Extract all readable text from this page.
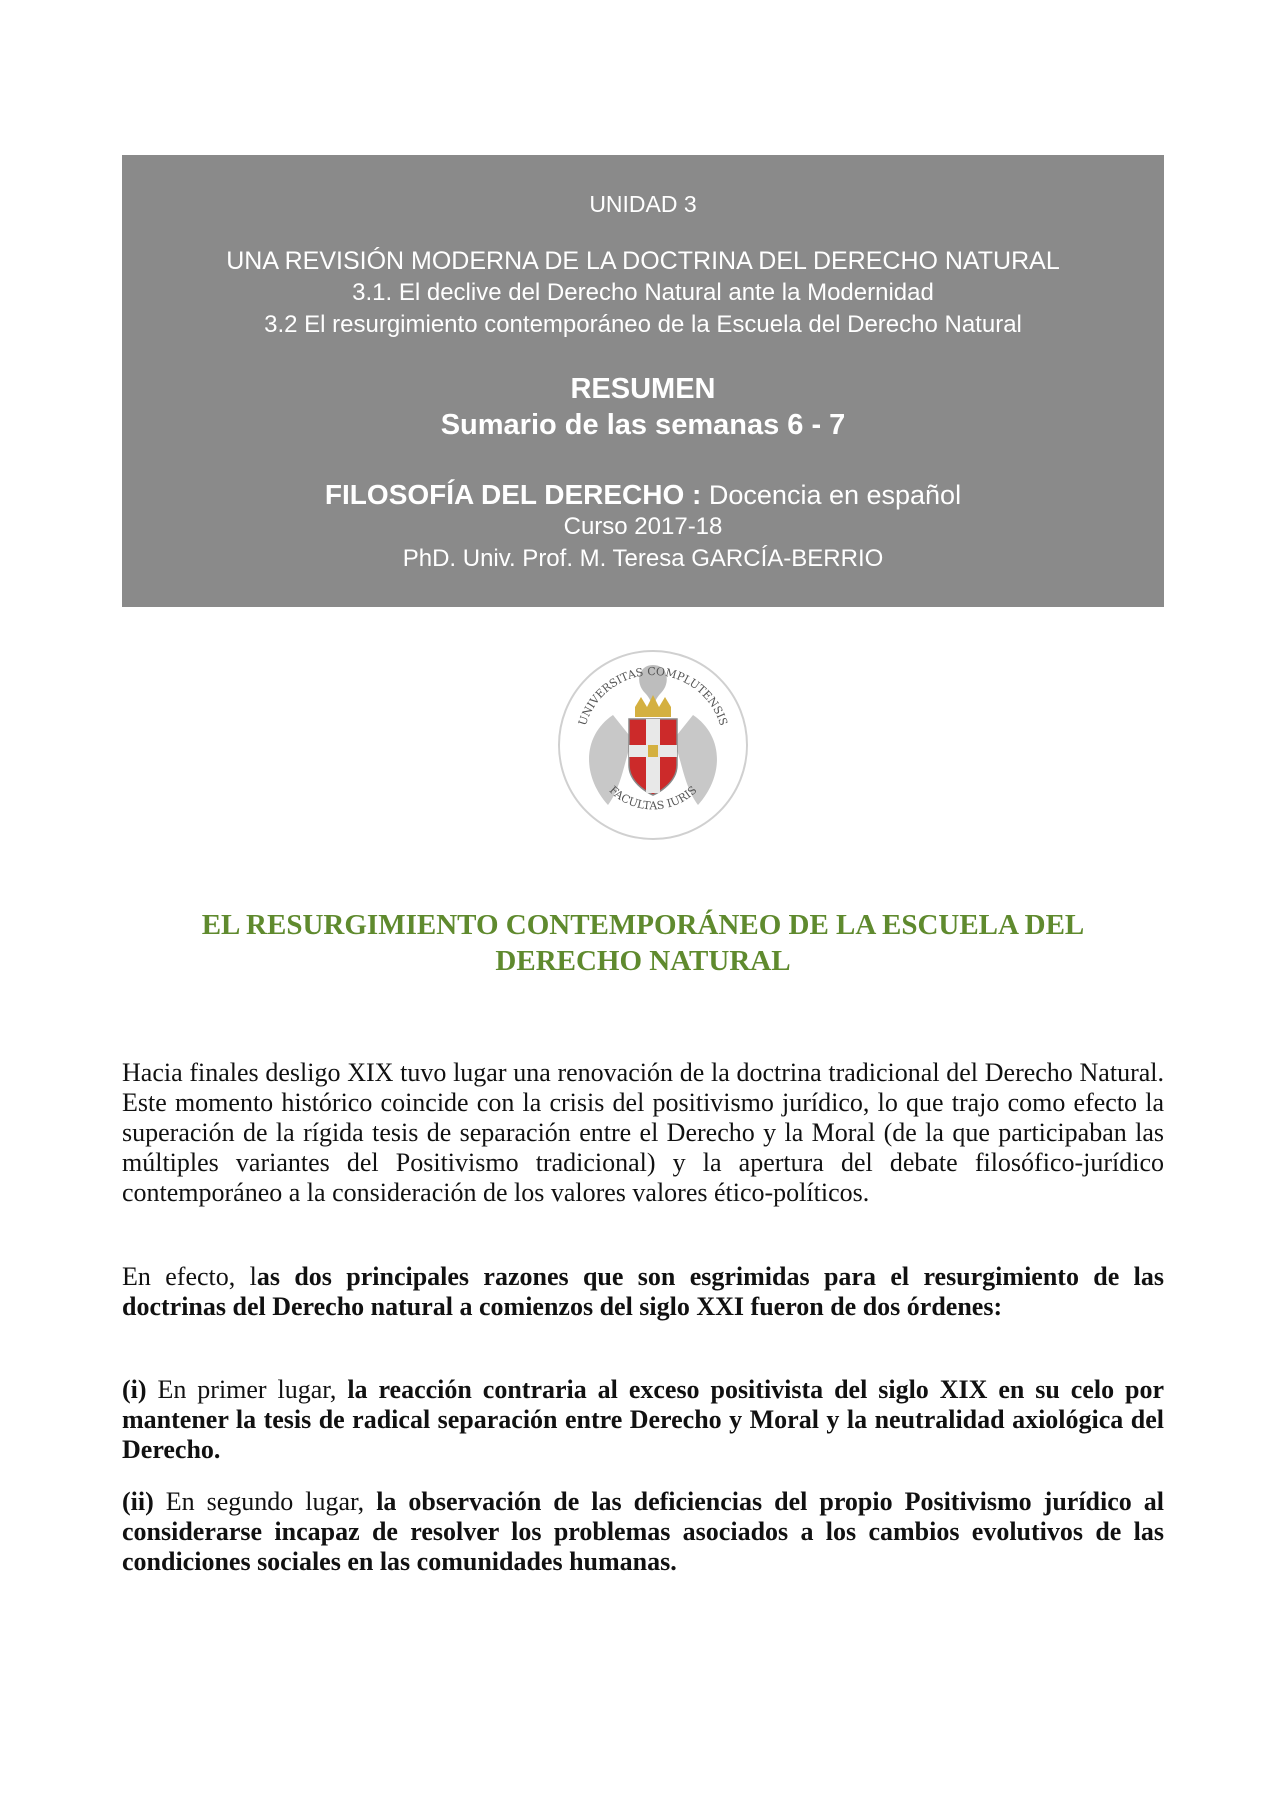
UNIDAD 3
UNA REVISIÓN MODERNA DE LA DOCTRINA DEL DERECHO NATURAL
3.1. El declive del Derecho Natural ante la Modernidad
3.2 El resurgimiento contemporáneo de la Escuela del Derecho Natural
RESUMEN
Sumario de las semanas 6 - 7
FILOSOFÍA DEL DERECHO : Docencia en español
Curso 2017-18
PhD. Univ. Prof. M. Teresa GARCÍA-BERRIO
UNIVERSITAS COMPLUTENSIS
FACULTAS IURIS
EL RESURGIMIENTO CONTEMPORÁNEO DE LA ESCUELA DEL
DERECHO NATURAL
Hacia finales desligo XIX tuvo lugar una renovación de la doctrina tradicional del Derecho Natural. Este momento histórico coincide con la crisis del positivismo jurídico, lo que trajo como efecto la superación de la rígida tesis de separación entre el Derecho y la Moral (de la que participaban las múltiples variantes del Positivismo tradicional) y la apertura del debate filosófico-jurídico contemporáneo a la consideración de los valores valores ético-políticos.
En efecto, las dos principales razones que son esgrimidas para el resurgimiento de las doctrinas del Derecho natural a comienzos del siglo XXI fueron de dos órdenes:
(i) En primer lugar, la reacción contraria al exceso positivista del siglo XIX en su celo por mantener la tesis de radical separación entre Derecho y Moral y la neutralidad axiológica del Derecho.
(ii) En segundo lugar, la observación de las deficiencias del propio Positivismo jurídico al considerarse incapaz de resolver los problemas asociados a los cambios evolutivos de las condiciones sociales en las comunidades humanas.
